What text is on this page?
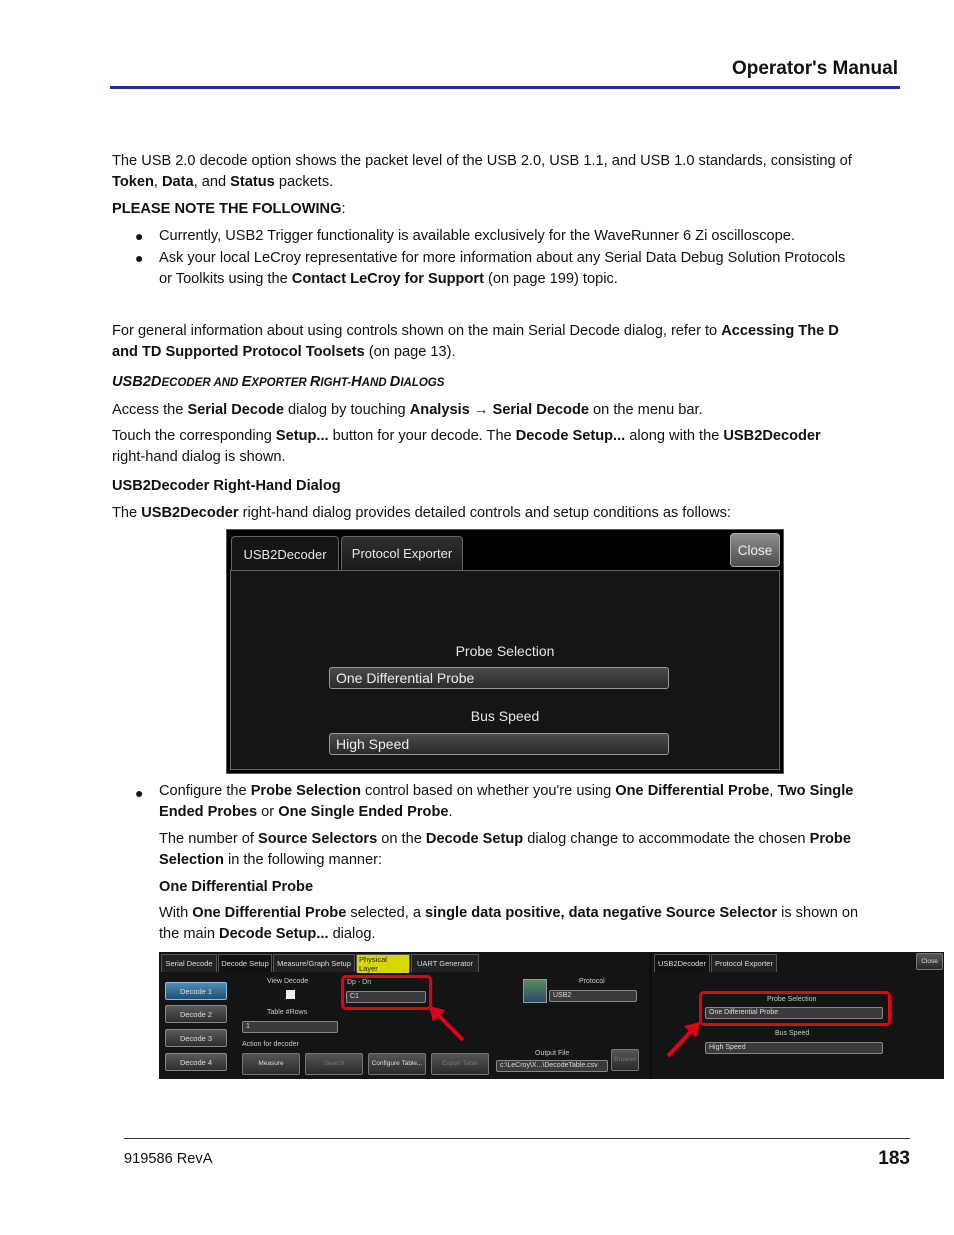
Operator's Manual

The USB 2.0 decode option shows the packet level of the USB 2.0, USB 1.1, and USB 1.0 standards, consisting of
Token, Data, and Status packets.

PLEASE NOTE THE FOLLOWING:

● Currently, USB2 Trigger functionality is available exclusively for the WaveRunner 6 Zi oscilloscope.

● Ask your local LeCroy representative for more information about any Serial Data Debug Solution Protocols
or Toolkits using the Contact LeCroy for Support (on page 199) topic.

For general information about using controls shown on the main Serial Decode dialog, refer to Accessing The D
and TD Supported Protocol Toolsets (on page 13).

USB2DECODER AND EXPORTER RIGHT-HAND DIALOGS

Access the Serial Decode dialog by touching Analysis → Serial Decode on the menu bar.

Touch the corresponding Setup... button for your decode. The Decode Setup... along with the USB2Decoder
right-hand dialog is shown.

USB2Decoder Right-Hand Dialog

The USB2Decoder right-hand dialog provides detailed controls and setup conditions as follows:

USB2Decoder	Protocol Exporter	Close
Probe Selection
One Differential Probe
Bus Speed
High Speed
● Configure the Probe Selection control based on whether you're using One Differential Probe, Two Single
Ended Probes or One Single Ended Probe.

The number of Source Selectors on the Decode Setup dialog change to accommodate the chosen Probe
Selection in the following manner:

One Differential Probe

With One Differential Probe selected, a single data positive, data negative Source Selector is shown on
the main Decode Setup... dialog.

Serial Decode	Decode Setup	Measure/Graph Setup	Physical Layer	UART Generator
Decode 1
Decode 2
Decode 3
Decode 4
View Decode
Table #Rows
1
Action for decoder
Measure	Search	Configure Table...	Export Table
Output File
c:\LeCroy\X...\DecodeTable.csv
Browse
Dp - Dn
C1
Protocol
USB2
USB2Decoder	Protocol Exporter	Close
Probe Selection
One Differential Probe
Bus Speed
High Speed
919586 RevA	183
